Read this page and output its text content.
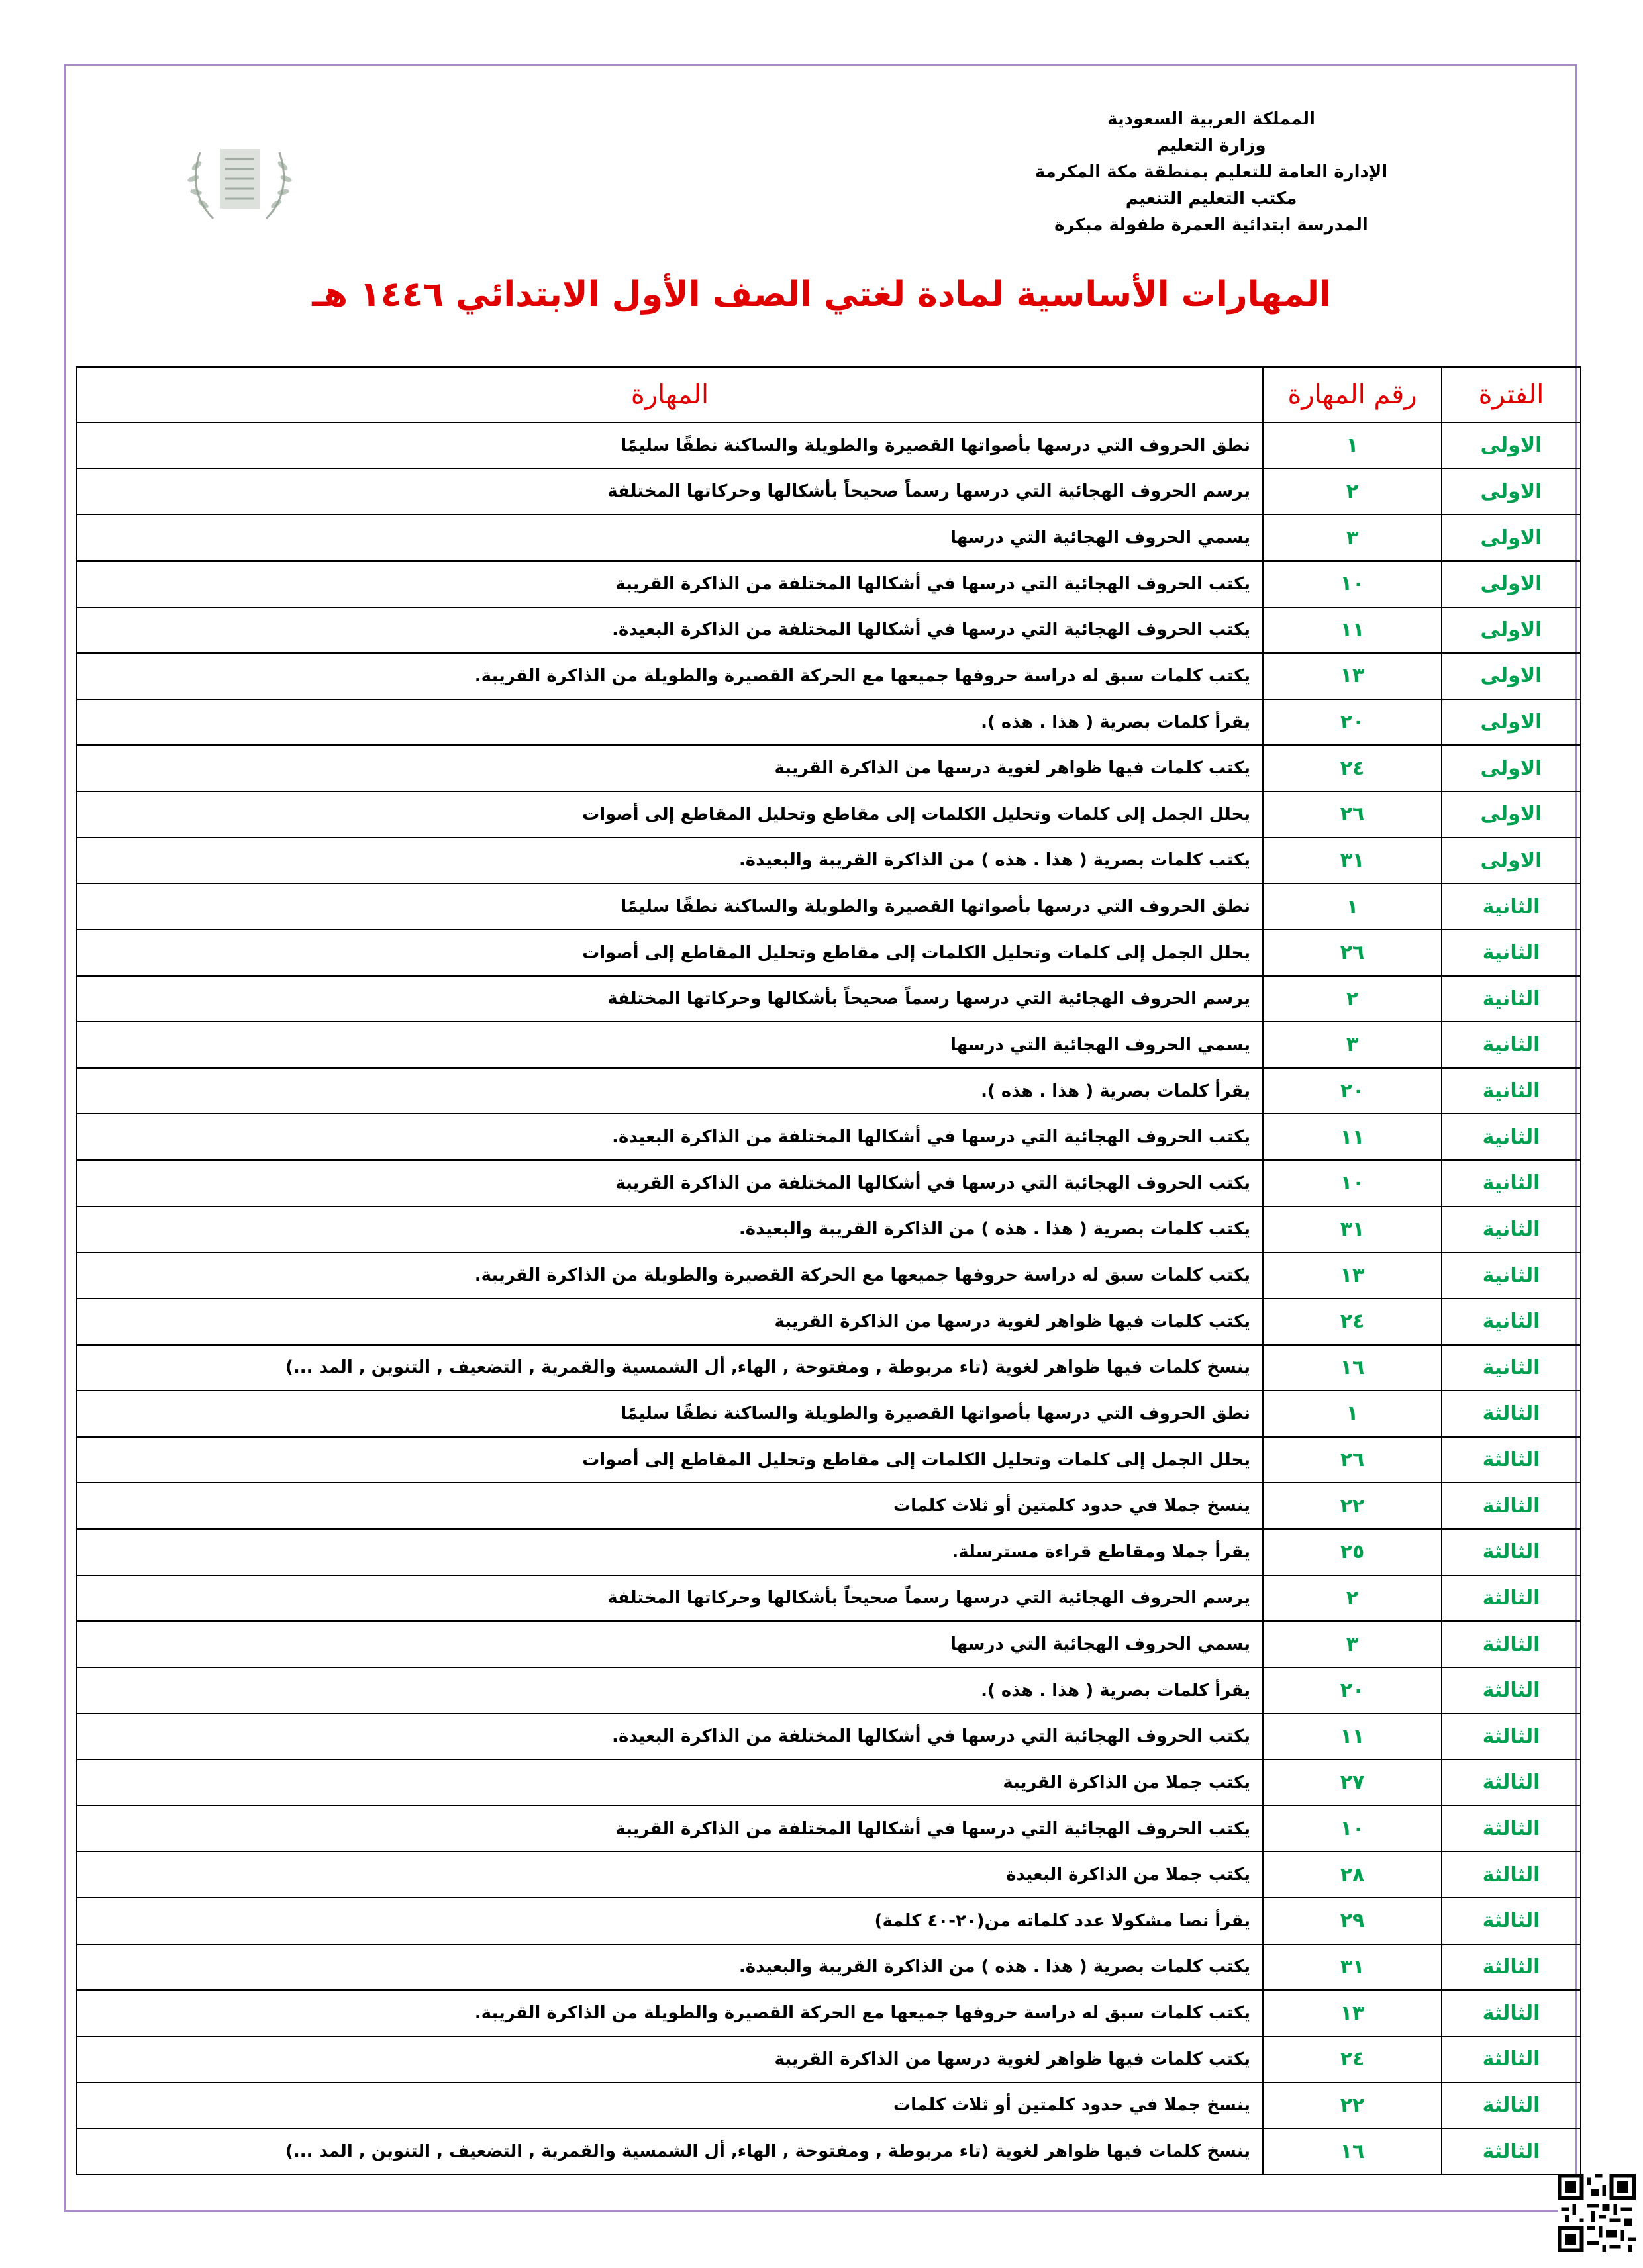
المملكة العربية السعودية
وزارة التعليم
الإدارة العامة للتعليم بمنطقة مكة المكرمة
مكتب التعليم التنعيم
المدرسة ابتدائية العمرة طفولة مبكرة
المهارات الأساسية لمادة لغتي الصف الأول الابتدائي ١٤٤٦ هـ
الفترة	رقم المهارة	المهارة
الاولى	١	نطق الحروف التي درسها بأصواتها القصيرة والطويلة والساكنة نطقًا سليمًا
الاولى	٢	يرسم الحروف الهجائية التي درسها رسماً صحيحاً بأشكالها وحركاتها المختلفة
الاولى	٣	يسمي الحروف الهجائية التي درسها
الاولى	١٠	يكتب الحروف الهجائية التي درسها في أشكالها المختلفة من الذاكرة القريبة
الاولى	١١	يكتب الحروف الهجائية التي درسها في أشكالها المختلفة من الذاكرة البعيدة.
الاولى	١٣	يكتب كلمات سبق له دراسة حروفها جميعها مع الحركة القصيرة والطويلة من الذاكرة القريبة.
الاولى	٢٠	يقرأ كلمات بصرية ( هذا . هذه ).
الاولى	٢٤	يكتب كلمات فيها ظواهر لغوية درسها من الذاكرة القريبة
الاولى	٢٦	يحلل الجمل إلى كلمات وتحليل الكلمات إلى مقاطع وتحليل المقاطع إلى أصوات
الاولى	٣١	يكتب كلمات بصرية ( هذا . هذه ) من الذاكرة القريبة والبعيدة.
الثانية	١	نطق الحروف التي درسها بأصواتها القصيرة والطويلة والساكنة نطقًا سليمًا
الثانية	٢٦	يحلل الجمل إلى كلمات وتحليل الكلمات إلى مقاطع وتحليل المقاطع إلى أصوات
الثانية	٢	يرسم الحروف الهجائية التي درسها رسماً صحيحاً بأشكالها وحركاتها المختلفة
الثانية	٣	يسمي الحروف الهجائية التي درسها
الثانية	٢٠	يقرأ كلمات بصرية ( هذا . هذه ).
الثانية	١١	يكتب الحروف الهجائية التي درسها في أشكالها المختلفة من الذاكرة البعيدة.
الثانية	١٠	يكتب الحروف الهجائية التي درسها في أشكالها المختلفة من الذاكرة القريبة
الثانية	٣١	يكتب كلمات بصرية ( هذا . هذه ) من الذاكرة القريبة والبعيدة.
الثانية	١٣	يكتب كلمات سبق له دراسة حروفها جميعها مع الحركة القصيرة والطويلة من الذاكرة القريبة.
الثانية	٢٤	يكتب كلمات فيها ظواهر لغوية درسها من الذاكرة القريبة
الثانية	١٦	ينسخ كلمات فيها ظواهر لغوية (تاء مربوطة , ومفتوحة , الهاء, أل الشمسية والقمرية , التضعيف , التنوين , المد ...)
الثالثة	١	نطق الحروف التي درسها بأصواتها القصيرة والطويلة والساكنة نطقًا سليمًا
الثالثة	٢٦	يحلل الجمل إلى كلمات وتحليل الكلمات إلى مقاطع وتحليل المقاطع إلى أصوات
الثالثة	٢٢	ينسخ جملا في حدود كلمتين أو ثلاث كلمات
الثالثة	٢٥	يقرأ جملا ومقاطع قراءة مسترسلة.
الثالثة	٢	يرسم الحروف الهجائية التي درسها رسماً صحيحاً بأشكالها وحركاتها المختلفة
الثالثة	٣	يسمي الحروف الهجائية التي درسها
الثالثة	٢٠	يقرأ كلمات بصرية ( هذا . هذه ).
الثالثة	١١	يكتب الحروف الهجائية التي درسها في أشكالها المختلفة من الذاكرة البعيدة.
الثالثة	٢٧	يكتب جملا من الذاكرة القريبة
الثالثة	١٠	يكتب الحروف الهجائية التي درسها في أشكالها المختلفة من الذاكرة القريبة
الثالثة	٢٨	يكتب جملا من الذاكرة البعيدة
الثالثة	٢٩	يقرأ نصا مشكولا عدد كلماته من(٢٠-٤٠ كلمة)
الثالثة	٣١	يكتب كلمات بصرية ( هذا . هذه ) من الذاكرة القريبة والبعيدة.
الثالثة	١٣	يكتب كلمات سبق له دراسة حروفها جميعها مع الحركة القصيرة والطويلة من الذاكرة القريبة.
الثالثة	٢٤	يكتب كلمات فيها ظواهر لغوية درسها من الذاكرة القريبة
الثالثة	٢٢	ينسخ جملا في حدود كلمتين أو ثلاث كلمات
الثالثة	١٦	ينسخ كلمات فيها ظواهر لغوية (تاء مربوطة , ومفتوحة , الهاء, أل الشمسية والقمرية , التضعيف , التنوين , المد ...)
